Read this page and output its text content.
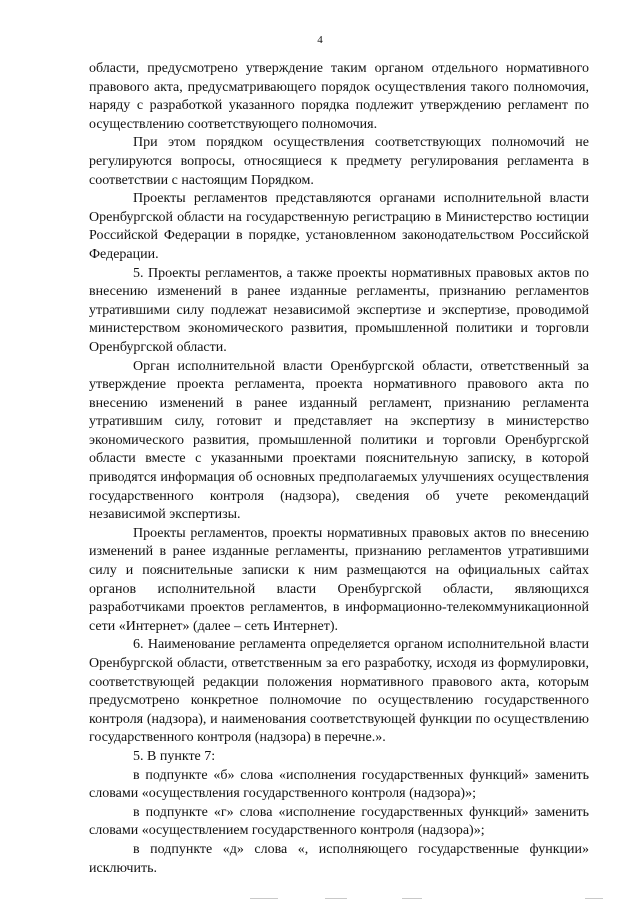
4

области, предусмотрено утверждение таким органом отдельного нормативного правового акта, предусматривающего порядок осуществления такого полномочия, наряду с разработкой указанного порядка подлежит утверждению регламент по осуществлению соответствующего полномочия.

При этом порядком осуществления соответствующих полномочий не регулируются вопросы, относящиеся к предмету регулирования регламента в соответствии с настоящим Порядком.

Проекты регламентов представляются органами исполнительной власти Оренбургской области на государственную регистрацию в Министерство юстиции Российской Федерации в порядке, установленном законодательством Российской Федерации.

5. Проекты регламентов, а также проекты нормативных правовых актов по внесению изменений в ранее изданные регламенты, признанию регламентов утратившими силу подлежат независимой экспертизе и экспертизе, проводимой министерством экономического развития, промышленной политики и торговли Оренбургской области.

Орган исполнительной власти Оренбургской области, ответственный за утверждение проекта регламента, проекта нормативного правового акта по внесению изменений в ранее изданный регламент, признанию регламента утратившим силу, готовит и представляет на экспертизу в министерство экономического развития, промышленной политики и торговли Оренбургской области вместе с указанными проектами пояснительную записку, в которой приводятся информация об основных предполагаемых улучшениях осуществления государственного контроля (надзора), сведения об учете рекомендаций независимой экспертизы.

Проекты регламентов, проекты нормативных правовых актов по внесению изменений в ранее изданные регламенты, признанию регламентов утратившими силу и пояснительные записки к ним размещаются на официальных сайтах органов исполнительной власти Оренбургской области, являющихся разработчиками проектов регламентов, в информационно-телекоммуникационной сети «Интернет» (далее – сеть Интернет).

6. Наименование регламента определяется органом исполнительной власти Оренбургской области, ответственным за его разработку, исходя из формулировки, соответствующей редакции положения нормативного правового акта, которым предусмотрено конкретное полномочие по осуществлению государственного контроля (надзора), и наименования соответствующей функции по осуществлению государственного контроля (надзора) в перечне.».

5. В пункте 7:

в подпункте «б» слова «исполнения государственных функций» заменить словами «осуществления государственного контроля (надзора)»;

в подпункте «г» слова «исполнение государственных функций» заменить словами «осуществлением государственного контроля (надзора)»;

в подпункте «д» слова «, исполняющего государственные функции» исключить.
